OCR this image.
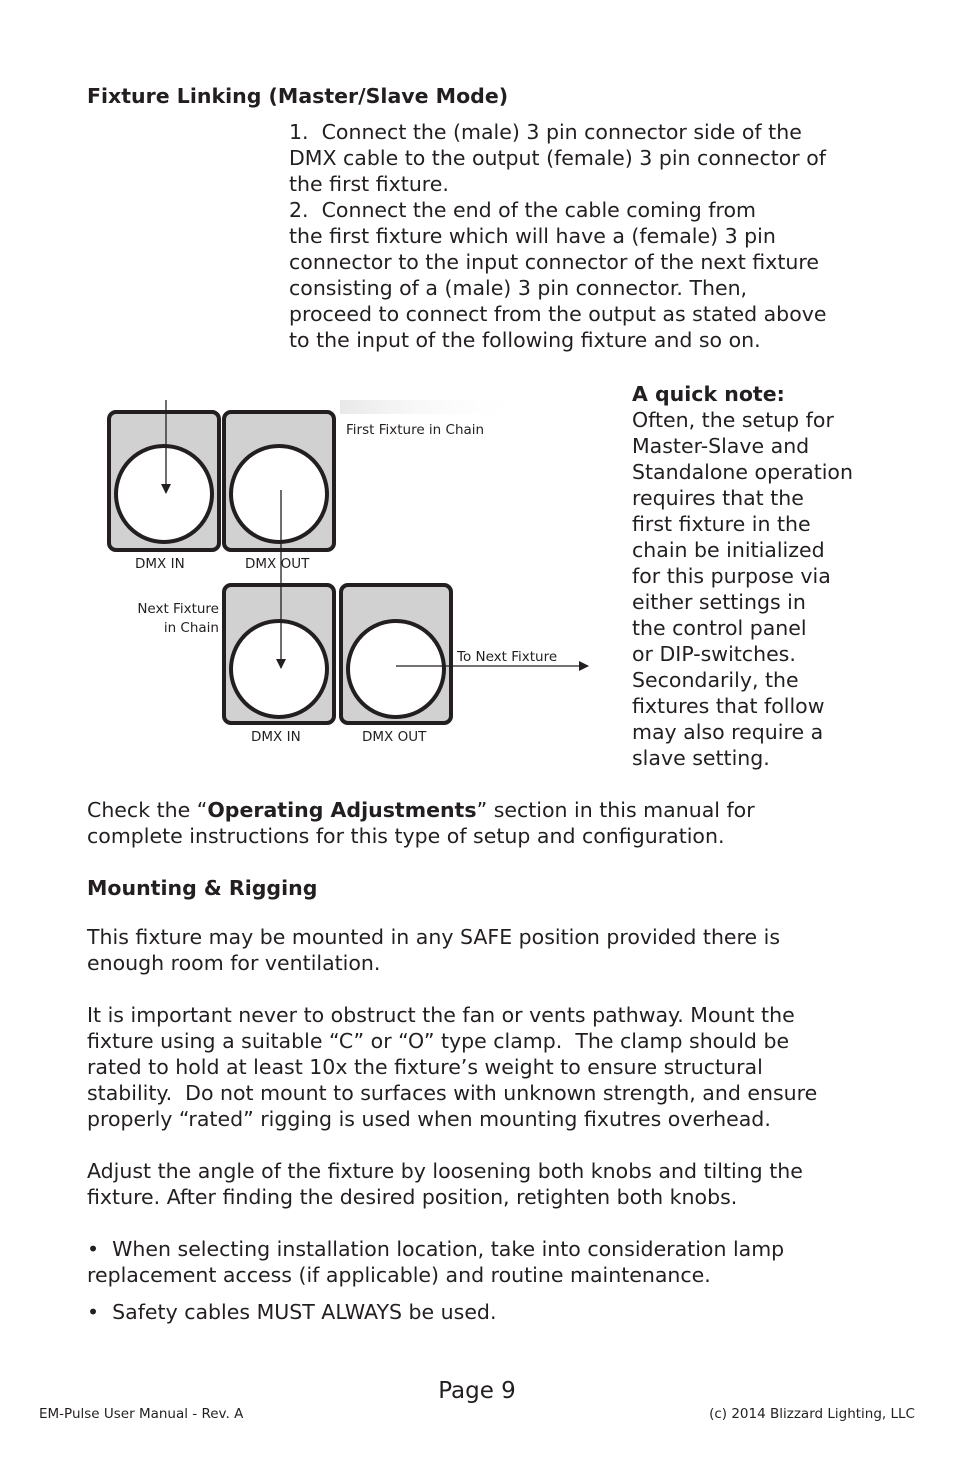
Fixture Linking (Master/Slave Mode)
1.  Connect the (male) 3 pin connector side of the
DMX cable to the output (female) 3 pin connector of
the first fixture.
2.  Connect the end of the cable coming from
the first fixture which will have a (female) 3 pin
connector to the input connector of the next fixture
consisting of a (male) 3 pin connector. Then,
proceed to connect from the output as stated above
to the input of the following fixture and so on.
First Fixture in Chain
DMX IN	DMX OUT
Next Fixture
in Chain
To Next Fixture
DMX IN	DMX OUT
A quick note:
Often, the setup for
Master-Slave and
Standalone operation
requires that the
first fixture in the
chain be initialized
for this purpose via
either settings in
the control panel
or DIP-switches.
Secondarily, the
fixtures that follow
may also require a
slave setting.
Check the “Operating Adjustments” section in this manual for
complete instructions for this type of setup and configuration.
Mounting & Rigging
This fixture may be mounted in any SAFE position provided there is
enough room for ventilation.
It is important never to obstruct the fan or vents pathway. Mount the
fixture using a suitable “C” or “O” type clamp.  The clamp should be
rated to hold at least 10x the fixture’s weight to ensure structural
stability.  Do not mount to surfaces with unknown strength, and ensure
properly “rated” rigging is used when mounting fixutres overhead.
Adjust the angle of the fixture by loosening both knobs and tilting the
fixture. After finding the desired position, retighten both knobs.
•  When selecting installation location, take into consideration lamp
replacement access (if applicable) and routine maintenance.
•  Safety cables MUST ALWAYS be used.
Page 9
EM-Pulse User Manual - Rev. A	(c) 2014 Blizzard Lighting, LLC
